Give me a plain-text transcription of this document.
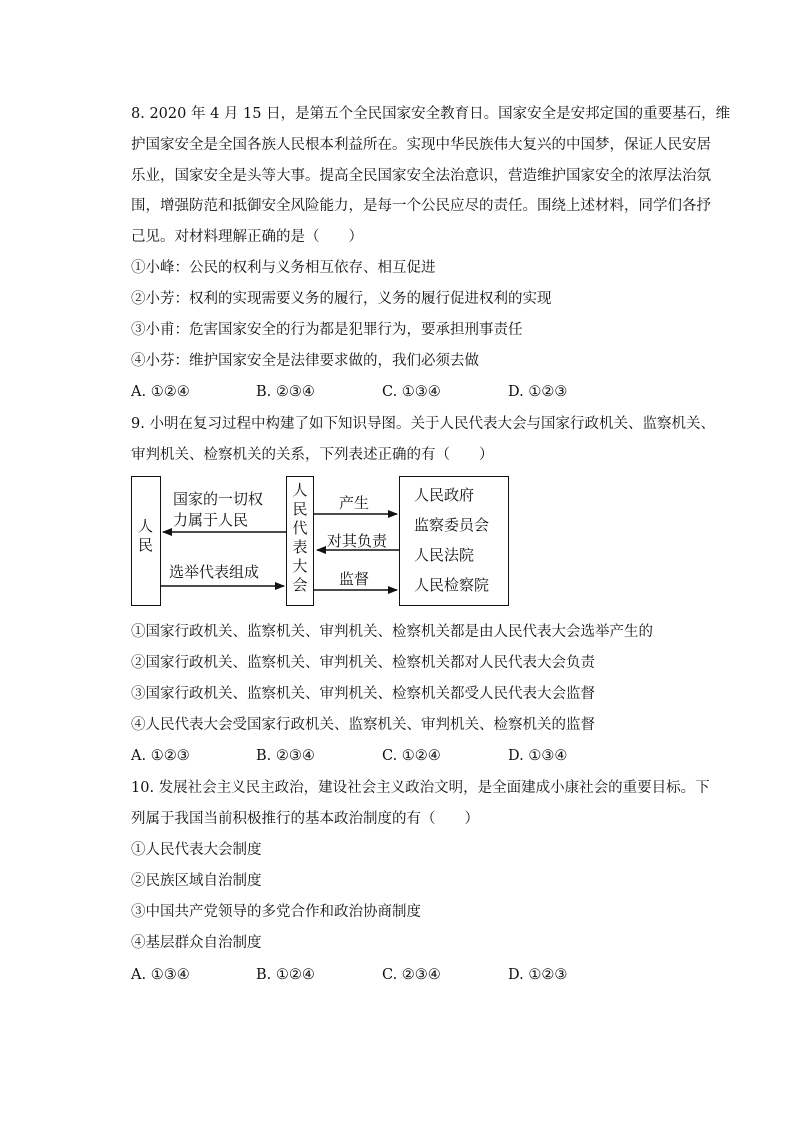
8. 2020 年 4 月 15 日，是第五个全民国家安全教育日。国家安全是安邦定国的重要基石，维
护国家安全是全国各族人民根本利益所在。实现中华民族伟大复兴的中国梦，保证人民安居
乐业，国家安全是头等大事。提高全民国家安全法治意识，营造维护国家安全的浓厚法治氛
围，增强防范和抵御安全风险能力，是每一个公民应尽的责任。围绕上述材料，同学们各抒
己见。对材料理解正确的是（　　）
①小峰：公民的权利与义务相互依存、相互促进
②小芳：权利的实现需要义务的履行，义务的履行促进权利的实现
③小甫：危害国家安全的行为都是犯罪行为，要承担刑事责任
④小芬：维护国家安全是法律要求做的，我们必须去做
A. ①②④	B. ②③④	C. ①③④	D. ①②③
9. 小明在复习过程中构建了如下知识导图。关于人民代表大会与国家行政机关、监察机关、
审判机关、检察机关的关系，下列表述正确的有（　　）
人民
人
民
代
表
大
会
人民政府
监察委员会
人民法院
人民检察院
国家的一切权
力属于人民
选举代表组成
产生
对其负责
监督
①国家行政机关、监察机关、审判机关、检察机关都是由人民代表大会选举产生的
②国家行政机关、监察机关、审判机关、检察机关都对人民代表大会负责
③国家行政机关、监察机关、审判机关、检察机关都受人民代表大会监督
④人民代表大会受国家行政机关、监察机关、审判机关、检察机关的监督
A. ①②③	B. ②③④	C. ①②④	D. ①③④
10. 发展社会主义民主政治，建设社会主义政治文明，是全面建成小康社会的重要目标。下
列属于我国当前积极推行的基本政治制度的有（　　）
①人民代表大会制度
②民族区域自治制度
③中国共产党领导的多党合作和政治协商制度
④基层群众自治制度
A. ①③④	B. ①②④	C. ②③④	D. ①②③
